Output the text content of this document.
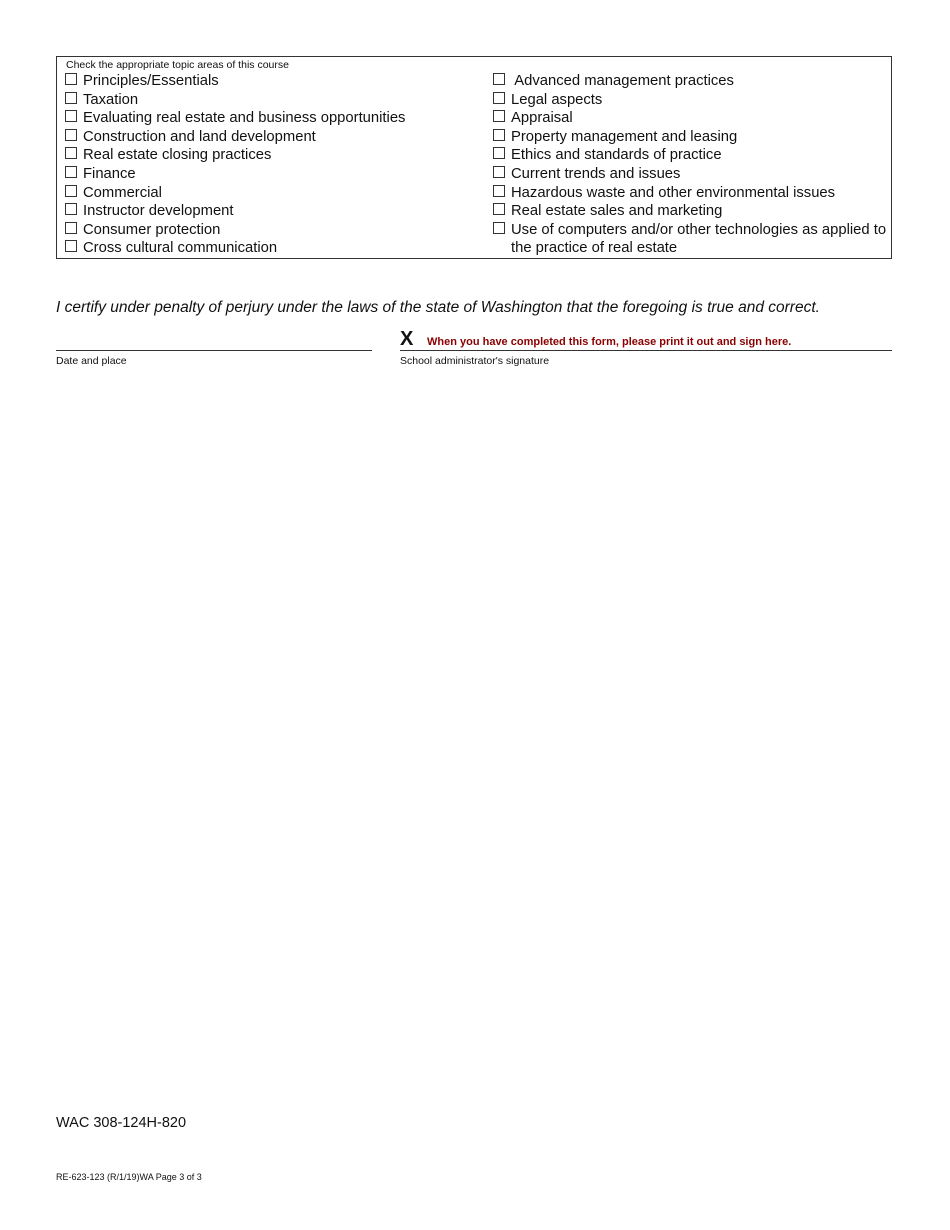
Check the appropriate topic areas of this course
Principles/Essentials
Taxation
Evaluating real estate and business opportunities
Construction and land development
Real estate closing practices
Finance
Commercial
Instructor development
Consumer protection
Cross cultural communication
Advanced management practices
Legal aspects
Appraisal
Property management and leasing
Ethics and standards of practice
Current trends and issues
Hazardous waste and other environmental issues
Real estate sales and marketing
Use of computers and/or other technologies as applied to the practice of real estate
I certify under penalty of perjury under the laws of the state of Washington that the foregoing is true and correct.
Date and place
X When you have completed this form, please print it out and sign here.
School administrator's signature
WAC 308-124H-820
RE-623-123 (R/1/19)WA Page 3 of 3
